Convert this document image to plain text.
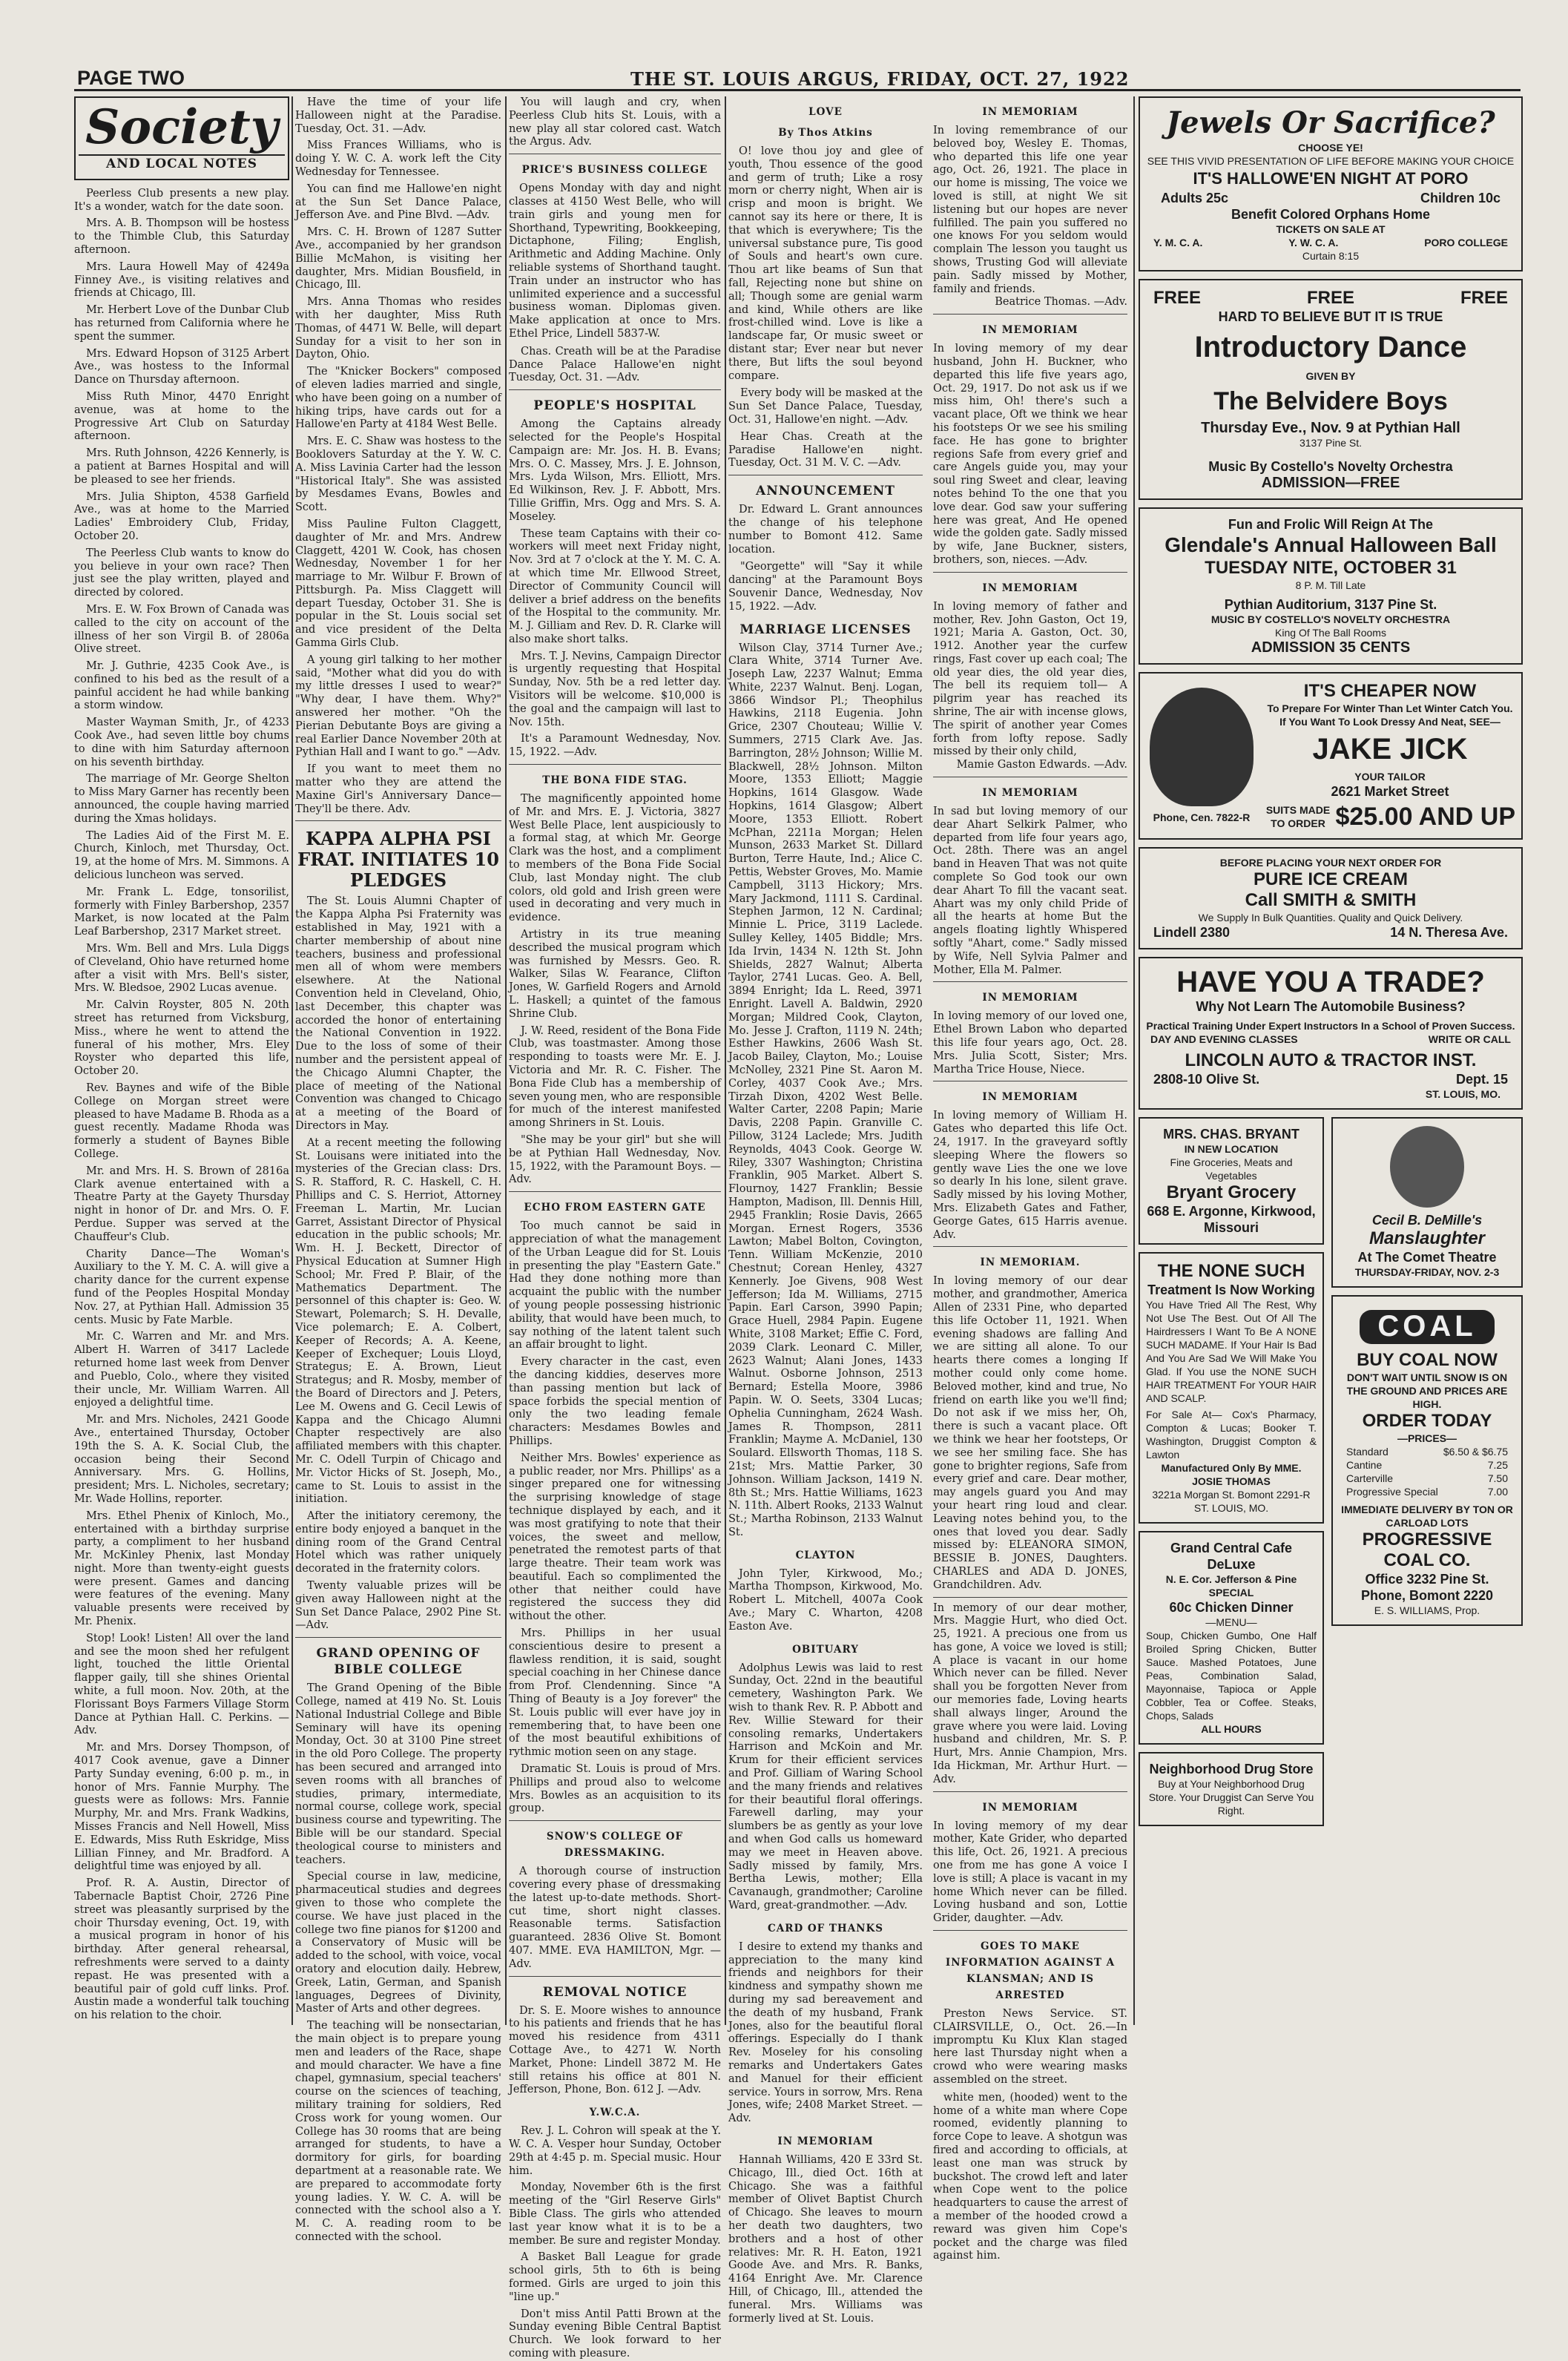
PAGE TWO	THE ST. LOUIS ARGUS, FRIDAY, OCT. 27, 1922
Society
AND LOCAL NOTES

Peerless Club presents a new play. It's a wonder, watch for the date soon.

Mrs. A. B. Thompson will be hostess to the Thimble Club, this Saturday afternoon.

Mrs. Laura Howell May of 4249a Finney Ave., is visiting relatives and friends at Chicago, Ill.

Mr. Herbert Love of the Dunbar Club has returned from California where he spent the summer.

Mrs. Edward Hopson of 3125 Arbert Ave., was hostess to the Informal Dance on Thursday afternoon.

Miss Ruth Minor, 4470 Enright avenue, was at home to the Progressive Art Club on Saturday afternoon.

Mrs. Ruth Johnson, 4226 Kennerly, is a patient at Barnes Hospital and will be pleased to see her friends.

Mrs. Julia Shipton, 4538 Garfield Ave., was at home to the Married Ladies' Embroidery Club, Friday, October 20.

The Peerless Club wants to know do you believe in your own race? Then just see the play written, played and directed by colored.

Mrs. E. W. Fox Brown of Canada was called to the city on account of the illness of her son Virgil B. of 2806a Olive street.

Mr. J. Guthrie, 4235 Cook Ave., is confined to his bed as the result of a painful accident he had while banking a storm window.

Master Wayman Smith, Jr., of 4233 Cook Ave., had seven little boy chums to dine with him Saturday afternoon on his seventh birthday.

The marriage of Mr. George Shelton to Miss Mary Garner has recently been announced, the couple having married during the Xmas holidays.

The Ladies Aid of the First M. E. Church, Kinloch, met Thursday, Oct. 19, at the home of Mrs. M. Simmons. A delicious luncheon was served.

Mr. Frank L. Edge, tonsorilist, formerly with Finley Barbershop, 2357 Market, is now located at the Palm Leaf Barbershop, 2317 Market street.

Mrs. Wm. Bell and Mrs. Lula Diggs of Cleveland, Ohio have returned home after a visit with Mrs. Bell's sister, Mrs. W. Bledsoe, 2902 Lucas avenue.

Mr. Calvin Royster, 805 N. 20th street has returned from Vicksburg, Miss., where he went to attend the funeral of his mother, Mrs. Eley Royster who departed this life, October 20.

Rev. Baynes and wife of the Bible College on Morgan street were pleased to have Madame B. Rhoda as a guest recently. Madame Rhoda was formerly a student of Baynes Bible College.

Mr. and Mrs. H. S. Brown of 2816a Clark avenue entertained with a Theatre Party at the Gayety Thursday night in honor of Dr. and Mrs. O. F. Perdue. Supper was served at the Chauffeur's Club.

Charity Dance—The Woman's Auxiliary to the Y. M. C. A. will give a charity dance for the current expense fund of the Peoples Hospital Monday Nov. 27, at Pythian Hall. Admission 35 cents. Music by Fate Marble.

Mr. C. Warren and Mr. and Mrs. Albert H. Warren of 3417 Laclede returned home last week from Denver and Pueblo, Colo., where they visited their uncle, Mr. William Warren. All enjoyed a delightful time.

Mr. and Mrs. Nicholes, 2421 Goode Ave., entertained Thursday, October 19th the S. A. K. Social Club, the occasion being their Second Anniversary. Mrs. G. Hollins, president; Mrs. L. Nicholes, secretary; Mr. Wade Hollins, reporter.

Mrs. Ethel Phenix of Kinloch, Mo., entertained with a birthday surprise party, a compliment to her husband Mr. McKinley Phenix, last Monday night. More than twenty-eight guests were present. Games and dancing were features of the evening. Many valuable presents were received by Mr. Phenix.

Stop! Look! Listen! All over the land and see the moon shed her refulgent light, touched the little Oriental flapper gaily, till she shines Oriental white, a full moon. Nov. 20th, at the Florissant Boys Farmers Village Storm Dance at Pythian Hall. C. Perkins. —Adv.

Mr. and Mrs. Dorsey Thompson, of 4017 Cook avenue, gave a Dinner Party Sunday evening, 6:00 p. m., in honor of Mrs. Fannie Murphy. The guests were as follows: Mrs. Fannie Murphy, Mr. and Mrs. Frank Wadkins, Misses Francis and Nell Howell, Miss E. Edwards, Miss Ruth Eskridge, Miss Lillian Finney, and Mr. Bradford. A delightful time was enjoyed by all.

Prof. R. A. Austin, Director of Tabernacle Baptist Choir, 2726 Pine street was pleasantly surprised by the choir Thursday evening, Oct. 19, with a musical program in honor of his birthday. After general rehearsal, refreshments were served to a dainty repast. He was presented with a beautiful pair of gold cuff links. Prof. Austin made a wonderful talk touching on his relation to the choir.

Have the time of your life Halloween night at the Paradise. Tuesday, Oct. 31. —Adv.

Miss Frances Williams, who is doing Y. W. C. A. work left the City Wednesday for Tennessee.

You can find me Hallowe'en night at the Sun Set Dance Palace, Jefferson Ave. and Pine Blvd. —Adv.

Mrs. C. H. Brown of 1287 Sutter Ave., accompanied by her grandson Billie McMahon, is visiting her daughter, Mrs. Midian Bousfield, in Chicago, Ill.

Mrs. Anna Thomas who resides with her daughter, Miss Ruth Thomas, of 4471 W. Belle, will depart Sunday for a visit to her son in Dayton, Ohio.

The "Knicker Bockers" composed of eleven ladies married and single, who have been going on a number of hiking trips, have cards out for a Hallowe'en Party at 4184 West Belle.

Mrs. E. C. Shaw was hostess to the Booklovers Saturday at the Y. W. C. A. Miss Lavinia Carter had the lesson "Historical Italy". She was assisted by Mesdames Evans, Bowles and Scott.

Miss Pauline Fulton Claggett, daughter of Mr. and Mrs. Andrew Claggett, 4201 W. Cook, has chosen Wednesday, November 1 for her marriage to Mr. Wilbur F. Brown of Pittsburgh. Pa. Miss Claggett will depart Tuesday, October 31. She is popular in the St. Louis social set and vice president of the Delta Gamma Girls Club.

A young girl talking to her mother said, "Mother what did you do with my little dresses I used to wear?" "Why dear, I have them. Why?" answered her mother. "Oh the Pierian Debutante Boys are giving a real Earlier Dance November 20th at Pythian Hall and I want to go." —Adv.

If you want to meet them no matter who they are attend the Maxine Girl's Anniversary Dance—They'll be there. Adv.

KAPPA ALPHA PSI FRAT. INITIATES 10 PLEDGES

The St. Louis Alumni Chapter of the Kappa Alpha Psi Fraternity was established in May, 1921 with a charter membership of about nine teachers, business and professional men all of whom were members elsewhere. At the National Convention held in Cleveland, Ohio, last December, this chapter was accorded the honor of entertaining the National Convention in 1922. Due to the loss of some of their number and the persistent appeal of the Chicago Alumni Chapter, the place of meeting of the National Convention was changed to Chicago at a meeting of the Board of Directors in May.

At a recent meeting the following St. Louisans were initiated into the mysteries of the Grecian class: Drs. S. R. Stafford, R. C. Haskell, C. H. Phillips and C. S. Herriot, Attorney Freeman L. Martin, Mr. Lucian Garret, Assistant Director of Physical education in the public schools; Mr. Wm. H. J. Beckett, Director of Physical Education at Sumner High School; Mr. Fred P. Blair, of the Mathematics Department. The personnel of this chapter is: Geo. W. Stewart, Polemarch; S. H. Devalle, Vice polemarch; E. A. Colbert, Keeper of Records; A. A. Keene, Keeper of Exchequer; Louis Lloyd, Strategus; E. A. Brown, Lieut Strategus; and R. Mosby, member of the Board of Directors and J. Peters, Lee M. Owens and G. Cecil Lewis of Kappa and the Chicago Alumni Chapter respectively are also affiliated members with this chapter. Mr. C. Odell Turpin of Chicago and Mr. Victor Hicks of St. Joseph, Mo., came to St. Louis to assist in the initiation.

After the initiatory ceremony, the entire body enjoyed a banquet in the dining room of the Grand Central Hotel which was rather uniquely decorated in the fraternity colors.

Twenty valuable prizes will be given away Halloween night at the Sun Set Dance Palace, 2902 Pine St. —Adv.

GRAND OPENING OF BIBLE COLLEGE

The Grand Opening of the Bible College, named at 419 No. St. Louis National Industrial College and Bible Seminary will have its opening Monday, Oct. 30 at 3100 Pine street in the old Poro College. The property has been secured and arranged into seven rooms with all branches of studies, primary, intermediate, normal course, college work, special business course and typewriting. The Bible will be our standard. Special theological course to ministers and teachers.

Special course in law, medicine, pharmaceutical studies and degrees given to those who complete the course. We have just placed in the college two fine pianos for $1200 and a Conservatory of Music will be added to the school, with voice, vocal oratory and elocution daily. Hebrew, Greek, Latin, German, and Spanish languages, Degrees of Divinity, Master of Arts and other degrees.

The teaching will be nonsectarian, the main object is to prepare young men and leaders of the Race, shape and mould character. We have a fine chapel, gymnasium, special teachers' course on the sciences of teaching, military training for soldiers, Red Cross work for young women. Our College has 30 rooms that are being arranged for students, to have a dormitory for girls, for boarding department at a reasonable rate. We are prepared to accommodate forty young ladies. Y. W. C. A. will be connected with the school also a Y. M. C. A. reading room to be connected with the school.

You will laugh and cry, when Peerless Club hits St. Louis, with a new play all star colored cast. Watch the Argus. Adv.

PRICE'S BUSINESS COLLEGE

Opens Monday with day and night classes at 4150 West Belle, who will train girls and young men for Shorthand, Typewriting, Bookkeeping, Dictaphone, Filing; English, Arithmetic and Adding Machine. Only reliable systems of Shorthand taught. Train under an instructor who has unlimited experience and a successful business woman. Diplomas given. Make application at once to Mrs. Ethel Price, Lindell 5837-W.

Chas. Creath will be at the Paradise Dance Palace Hallowe'en night Tuesday, Oct. 31. —Adv.

PEOPLE'S HOSPITAL

Among the Captains already selected for the People's Hospital Campaign are: Mr. Jos. H. B. Evans; Mrs. O. C. Massey, Mrs. J. E. Johnson, Mrs. Lyda Wilson, Mrs. Elliott, Mrs. Ed Wilkinson, Rev. J. F. Abbott, Mrs. Tillie Griffin, Mrs. Ogg and Mrs. S. A. Moseley.

These team Captains with their co-workers will meet next Friday night, Nov. 3rd at 7 o'clock at the Y. M. C. A. at which time Mr. Ellwood Street, Director of Community Council will deliver a brief address on the benefits of the Hospital to the community. Mr. M. J. Gilliam and Rev. D. R. Clarke will also make short talks.

Mrs. T. J. Nevins, Campaign Director is urgently requesting that Hospital Sunday, Nov. 5th be a red letter day. Visitors will be welcome. $10,000 is the goal and the campaign will last to Nov. 15th.

It's a Paramount Wednesday, Nov. 15, 1922. —Adv.

THE BONA FIDE STAG.

The magnificently appointed home of Mr. and Mrs. E. J. Victoria, 3827 West Belle Place, lent auspiciously to a formal stag, at which Mr. George Clark was the host, and a compliment to members of the Bona Fide Social Club, last Monday night. The club colors, old gold and Irish green were used in decorating and very much in evidence.

Artistry in its true meaning described the musical program which was furnished by Messrs. Geo. R. Walker, Silas W. Fearance, Clifton Jones, W. Garfield Rogers and Arnold L. Haskell; a quintet of the famous Shrine Club.

J. W. Reed, resident of the Bona Fide Club, was toastmaster. Among those responding to toasts were Mr. E. J. Victoria and Mr. R. C. Fisher. The Bona Fide Club has a membership of seven young men, who are responsible for much of the interest manifested among Shriners in St. Louis.

"She may be your girl" but she will be at Pythian Hall Wednesday, Nov. 15, 1922, with the Paramount Boys. —Adv.

ECHO FROM EASTERN GATE

Too much cannot be said in appreciation of what the management of the Urban League did for St. Louis in presenting the play "Eastern Gate." Had they done nothing more than acquaint the public with the number of young people possessing histrionic ability, that would have been much, to say nothing of the latent talent such an affair brought to light.

Every character in the cast, even the dancing kiddies, deserves more than passing mention but lack of space forbids the special mention of only the two leading female characters: Mesdames Bowles and Phillips.

Neither Mrs. Bowles' experience as a public reader, nor Mrs. Phillips' as a singer prepared one for witnessing the surprising knowledge of stage technique displayed by each, and it was most gratifying to note that their voices, the sweet and mellow, penetrated the remotest parts of that large theatre. Their team work was beautiful. Each so complimented the other that neither could have registered the success they did without the other.

Mrs. Phillips in her usual conscientious desire to present a flawless rendition, it is said, sought special coaching in her Chinese dance from Prof. Clendenning. Since "A Thing of Beauty is a Joy forever" the St. Louis public will ever have joy in remembering that, to have been one of the most beautiful exhibitions of rythmic motion seen on any stage.

Dramatic St. Louis is proud of Mrs. Phillips and proud also to welcome Mrs. Bowles as an acquisition to its group.

SNOW'S COLLEGE OF DRESSMAKING.

A thorough course of instruction covering every phase of dressmaking the latest up-to-date methods. Short-cut time, short night classes. Reasonable terms. Satisfaction guaranteed. 2836 Olive St. Bomont 407. MME. EVA HAMILTON, Mgr. —Adv.

REMOVAL NOTICE

Dr. S. E. Moore wishes to announce to his patients and friends that he has moved his residence from 4311 Cottage Ave., to 4271 W. North Market, Phone: Lindell 3872 M. He still retains his office at 801 N. Jefferson, Phone, Bon. 612 J. —Adv.

Y.W.C.A.

Rev. J. L. Cohron will speak at the Y. W. C. A. Vesper hour Sunday, October 29th at 4:45 p. m. Special music. Hour him.

Monday, November 6th is the first meeting of the "Girl Reserve Girls" Bible Class. The girls who attended last year know what it is to be a member. Be sure and register Monday.

A Basket Ball League for grade school girls, 5th to 6th is being formed. Girls are urged to join this "line up."

Don't miss Antil Patti Brown at the Sunday evening Bible Central Baptist Church. We look forward to her coming with pleasure.

LOVE
By Thos Atkins

O! love thou joy and glee of youth, Thou essence of the good and germ of truth; Like a rosy morn or cherry night, When air is crisp and moon is bright. We cannot say its here or there, It is that which is everywhere; Tis the universal substance pure, Tis good of Souls and heart's own cure. Thou art like beams of Sun that fall, Rejecting none but shine on all; Though some are genial warm and kind, While others are like frost-chilled wind. Love is like a landscape far, Or music sweet or distant star; Ever near but never there, But lifts the soul beyond compare.

Every body will be masked at the Sun Set Dance Palace, Tuesday, Oct. 31, Hallowe'en night. —Adv.

Hear Chas. Creath at the Paradise Hallowe'en night. Tuesday, Oct. 31 M. V. C. —Adv.

ANNOUNCEMENT

Dr. Edward L. Grant announces the change of his telephone number to Bomont 412. Same location.

"Georgette" will "Say it while dancing" at the Paramount Boys Souvenir Dance, Wednesday, Nov 15, 1922. —Adv.

MARRIAGE LICENSES

Wilson Clay, 3714 Turner Ave.; Clara White, 3714 Turner Ave. Joseph Law, 2237 Walnut; Emma White, 2237 Walnut. Benj. Logan, 3866 Windsor Pl.; Theophilus Hawkins, 2118 Eugenia. John Grice, 2307 Chouteau; Willie V. Summers, 2715 Clark Ave. Jas. Barrington, 28½ Johnson; Willie M. Blackwell, 28½ Johnson. Milton Moore, 1353 Elliott; Maggie Hopkins, 1614 Glasgow. Wade Hopkins, 1614 Glasgow; Albert Moore, 1353 Elliott. Robert McPhan, 2211a Morgan; Helen Munson, 2633 Market St. Dillard Burton, Terre Haute, Ind.; Alice C. Pettis, Webster Groves, Mo. Mamie Campbell, 3113 Hickory; Mrs. Mary Jackmond, 1111 S. Cardinal. Stephen Jarmon, 12 N. Cardinal; Minnie L. Price, 3119 Laclede. Sulley Kelley, 1405 Biddle; Mrs. Ida Irvin, 1434 N. 12th St. John Shields, 2827 Walnut; Alberta Taylor, 2741 Lucas. Geo. A. Bell, 3894 Enright; Ida L. Reed, 3971 Enright. Lavell A. Baldwin, 2920 Morgan; Mildred Cook, Clayton, Mo. Jesse J. Crafton, 1119 N. 24th; Esther Hawkins, 2606 Wash St. Jacob Bailey, Clayton, Mo.; Louise McNolley, 2321 Pine St. Aaron M. Corley, 4037 Cook Ave.; Mrs. Tirzah Dixon, 4202 West Belle. Walter Carter, 2208 Papin; Marie Davis, 2208 Papin. Granville C. Pillow, 3124 Laclede; Mrs. Judith Reynolds, 4043 Cook. George W. Riley, 3307 Washington; Christina Franklin, 905 Market. Albert S. Flournoy, 1427 Franklin; Bessie Hampton, Madison, Ill. Dennis Hill, 2945 Franklin; Rosie Davis, 2665 Morgan. Ernest Rogers, 3536 Lawton; Mabel Bolton, Covington, Tenn. William McKenzie, 2010 Chestnut; Corean Henley, 4327 Kennerly. Joe Givens, 908 West Jefferson; Ida M. Williams, 2715 Papin. Earl Carson, 3990 Papin; Grace Huell, 2984 Papin. Eugene White, 3108 Market; Effie C. Ford, 2039 Clark. Leonard C. Miller, 2623 Walnut; Alani Jones, 1433 Walnut. Osborne Johnson, 2513 Bernard; Estella Moore, 3986 Papin. W. O. Seets, 3304 Lucas; Ophelia Cunningham, 2624 Wash. James R. Thompson, 2811 Franklin; Mayme A. McDaniel, 130 Soulard. Ellsworth Thomas, 118 S. 21st; Mrs. Mattie Parker, 30 Johnson. William Jackson, 1419 N. 8th St.; Mrs. Hattie Williams, 1623 N. 11th. Albert Rooks, 2133 Walnut St.; Martha Robinson, 2133 Walnut St.

CLAYTON

John Tyler, Kirkwood, Mo.; Martha Thompson, Kirkwood, Mo. Robert L. Mitchell, 4007a Cook Ave.; Mary C. Wharton, 4208 Easton Ave.

OBITUARY

Adolphus Lewis was laid to rest Sunday, Oct. 22nd in the beautiful cemetery, Washington Park. We wish to thank Rev. R. P. Abbott and Rev. Willie Steward for their consoling remarks, Undertakers Harrison and McKoin and Mr. Krum for their efficient services and Prof. Gilliam of Waring School and the many friends and relatives for their beautiful floral offerings. Farewell darling, may your slumbers be as gently as your love and when God calls us homeward may we meet in Heaven above. Sadly missed by family, Mrs. Bertha Lewis, mother; Ella Cavanaugh, grandmother; Caroline Ward, great-grandmother. —Adv.

CARD OF THANKS

I desire to extend my thanks and appreciation to the many kind friends and neighbors for their kindness and sympathy shown me during my sad bereavement and the death of my husband, Frank Jones, also for the beautiful floral offerings. Especially do I thank Rev. Moseley for his consoling remarks and Undertakers Gates and Manuel for their efficient service. Yours in sorrow, Mrs. Rena Jones, wife; 2408 Market Street. —Adv.

IN MEMORIAM

Hannah Williams, 420 E 33rd St. Chicago, Ill., died Oct. 16th at Chicago. She was a faithful member of Olivet Baptist Church of Chicago. She leaves to mourn her death two daughters, two brothers and a host of other relatives: Mr. R. H. Eaton, 1921 Goode Ave. and Mrs. R. Banks, 4164 Enright Ave. Mr. Clarence Hill, of Chicago, Ill., attended the funeral. Mrs. Williams was formerly lived at St. Louis.

IN MEMORIAM

In loving remembrance of our beloved boy, Wesley E. Thomas, who departed this life one year ago, Oct. 26, 1921. The place in our home is missing, The voice we loved is still, at night We sit listening but our hopes are never fulfilled. The pain you suffered no one knows For you seldom would complain The lesson you taught us shows, Trusting God will alleviate pain. Sadly missed by Mother, family and friends.

Beatrice Thomas. —Adv.

IN MEMORIAM

In loving memory of my dear husband, John H. Buckner, who departed this life five years ago, Oct. 29, 1917. Do not ask us if we miss him, Oh! there's such a vacant place, Oft we think we hear his footsteps Or we see his smiling face. He has gone to brighter regions Safe from every grief and care Angels guide you, may your soul ring Sweet and clear, leaving notes behind To the one that you love dear. God saw your suffering here was great, And He opened wide the golden gate. Sadly missed by wife, Jane Buckner, sisters, brothers, son, nieces. —Adv.

IN MEMORIAM

In loving memory of father and mother, Rev. John Gaston, Oct 19, 1921; Maria A. Gaston, Oct. 30, 1912. Another year the curfew rings, Fast cover up each coal; The old year dies, the old year dies, The bell its requiem toll— A pilgrim year has reached its shrine, The air with incense glows, The spirit of another year Comes forth from lofty repose. Sadly missed by their only child,

Mamie Gaston Edwards. —Adv.

IN MEMORIAM

In sad but loving memory of our dear Ahart Selkirk Palmer, who departed from life four years ago, Oct. 28th. There was an angel band in Heaven That was not quite complete So God took our own dear Ahart To fill the vacant seat. Ahart was my only child Pride of all the hearts at home But the angels floating lightly Whispered softly "Ahart, come." Sadly missed by Wife, Nell Sylvia Palmer and Mother, Ella M. Palmer.

IN MEMORIAM

In loving memory of our loved one, Ethel Brown Labon who departed this life four years ago, Oct. 28. Mrs. Julia Scott, Sister; Mrs. Martha Trice House, Niece.

IN MEMORIAM

In loving memory of William H. Gates who departed this life Oct. 24, 1917. In the graveyard softly sleeping Where the flowers so gently wave Lies the one we love so dearly In his lone, silent grave. Sadly missed by his loving Mother, Mrs. Elizabeth Gates and Father, George Gates, 615 Harris avenue. Adv.

IN MEMORIAM.

In loving memory of our dear mother, and grandmother, America Allen of 2331 Pine, who departed this life October 11, 1921. When evening shadows are falling And we are sitting all alone. To our hearts there comes a longing If mother could only come home. Beloved mother, kind and true, No friend on earth like you we'll find; Do not ask if we miss her, Oh, there is such a vacant place. Oft we think we hear her footsteps, Or we see her smiling face. She has gone to brighter regions, Safe from every grief and care. Dear mother, may angels guard you And may your heart ring loud and clear. Leaving notes behind you, to the ones that loved you dear. Sadly missed by: ELEANORA SIMON, BESSIE B. JONES, Daughters. CHARLES and ADA D. JONES, Grandchildren. Adv.

In memory of our dear mother, Mrs. Maggie Hurt, who died Oct. 25, 1921. A precious one from us has gone, A voice we loved is still; A place is vacant in our home Which never can be filled. Never shall you be forgotten Never from our memories fade, Loving hearts shall always linger, Around the grave where you were laid. Loving husband and children, Mr. S. P. Hurt, Mrs. Annie Champion, Mrs. Ida Hickman, Mr. Arthur Hurt. —Adv.

IN MEMORIAM

In loving memory of my dear mother, Kate Grider, who departed this life, Oct. 26, 1921. A precious one from me has gone A voice I love is still; A place is vacant in my home Which never can be filled. Loving husband and son, Lottie Grider, daughter. —Adv.

GOES TO MAKE INFORMATION AGAINST A KLANSMAN; AND IS ARRESTED

Preston News Service. ST. CLAIRSVILLE, O., Oct. 26.—In impromptu Ku Klux Klan staged here last Thursday night when a crowd who were wearing masks assembled on the street.

white men, (hooded) went to the home of a white man where Cope roomed, evidently planning to force Cope to leave. A shotgun was fired and according to officials, at least one man was struck by buckshot. The crowd left and later when Cope went to the police headquarters to cause the arrest of a member of the hooded crowd a reward was given him Cope's pocket and the charge was filed against him.

Jewels Or Sacrifice?
CHOOSE YE!
SEE THIS VIVID PRESENTATION OF LIFE BEFORE MAKING YOUR CHOICE
IT'S HALLOWE'EN NIGHT AT PORO
Adults 25c	Children 10c
Benefit Colored Orphans Home
TICKETS ON SALE AT
Y. M. C. A.	Y. W. C. A.	PORO COLLEGE
Curtain 8:15
FREE	FREE	FREE
HARD TO BELIEVE BUT IT IS TRUE
Introductory Dance
GIVEN BY
The Belvidere Boys
Thursday Eve., Nov. 9 at Pythian Hall
3137 Pine St.
Music By Costello's Novelty Orchestra
ADMISSION—FREE
Fun and Frolic Will Reign At The
Glendale's Annual Halloween Ball
TUESDAY NITE, OCTOBER 31
8 P. M. Till Late
Pythian Auditorium, 3137 Pine St.
MUSIC BY COSTELLO'S NOVELTY ORCHESTRA
King Of The Ball Rooms
ADMISSION 35 CENTS
Phone, Cen. 7822-R
IT'S CHEAPER NOW
To Prepare For Winter Than Let Winter Catch You. If You Want To Look Dressy And Neat, SEE—
JAKE JICK
YOUR TAILOR
2621 Market Street
SUITS MADE TO ORDER $25.00 AND UP
BEFORE PLACING YOUR NEXT ORDER FOR
PURE ICE CREAM
Call SMITH & SMITH
We Supply In Bulk Quantities. Quality and Quick Delivery.
Lindell 2380	14 N. Theresa Ave.
HAVE YOU A TRADE?
Why Not Learn The Automobile Business?
Practical Training Under Expert Instructors In a School of Proven Success.
DAY AND EVENING CLASSES	WRITE OR CALL
LINCOLN AUTO & TRACTOR INST.
2808-10 Olive St.	Dept. 15
ST. LOUIS, MO.
MRS. CHAS. BRYANT
IN NEW LOCATION
Fine Groceries, Meats and Vegetables
Bryant Grocery
668 E. Argonne, Kirkwood, Missouri
THE NONE SUCH
Treatment Is Now Working
You Have Tried All The Rest, Why Not Use The Best. Out Of All The Hairdressers I Want To Be A NONE SUCH MADAME. If Your Hair Is Bad And You Are Sad We Will Make You Glad. If You use the NONE SUCH HAIR TREATMENT For YOUR HAIR AND SCALP.
For Sale At— Cox's Pharmacy, Compton & Lucas; Booker T. Washington, Druggist Compton & Lawton
Manufactured Only By MME. JOSIE THOMAS
3221a Morgan St. Bomont 2291-R ST. LOUIS, MO.
Grand Central Cafe DeLuxe
N. E. Cor. Jefferson & Pine
SPECIAL
60c Chicken Dinner
—MENU—
Soup, Chicken Gumbo, One Half Broiled Spring Chicken, Butter Sauce. Mashed Potatoes, June Peas, Combination Salad, Mayonnaise, Tapioca or Apple Cobbler, Tea or Coffee. Steaks, Chops, Salads
ALL HOURS
Neighborhood Drug Store
Buy at Your Neighborhood Drug Store. Your Druggist Can Serve You Right.
Cecil B. DeMille's
Manslaughter
At The Comet Theatre
THURSDAY-FRIDAY, NOV. 2-3
COAL
BUY COAL NOW
DON'T WAIT UNTIL SNOW IS ON THE GROUND AND PRICES ARE HIGH.
ORDER TODAY
—PRICES—
Standard	$6.50 & $6.75
Cantine	7.25
Carterville	7.50
Progressive Special	7.00
IMMEDIATE DELIVERY BY TON OR CARLOAD LOTS
PROGRESSIVE COAL CO.
Office 3232 Pine St.
Phone, Bomont 2220
E. S. WILLIAMS, Prop.
